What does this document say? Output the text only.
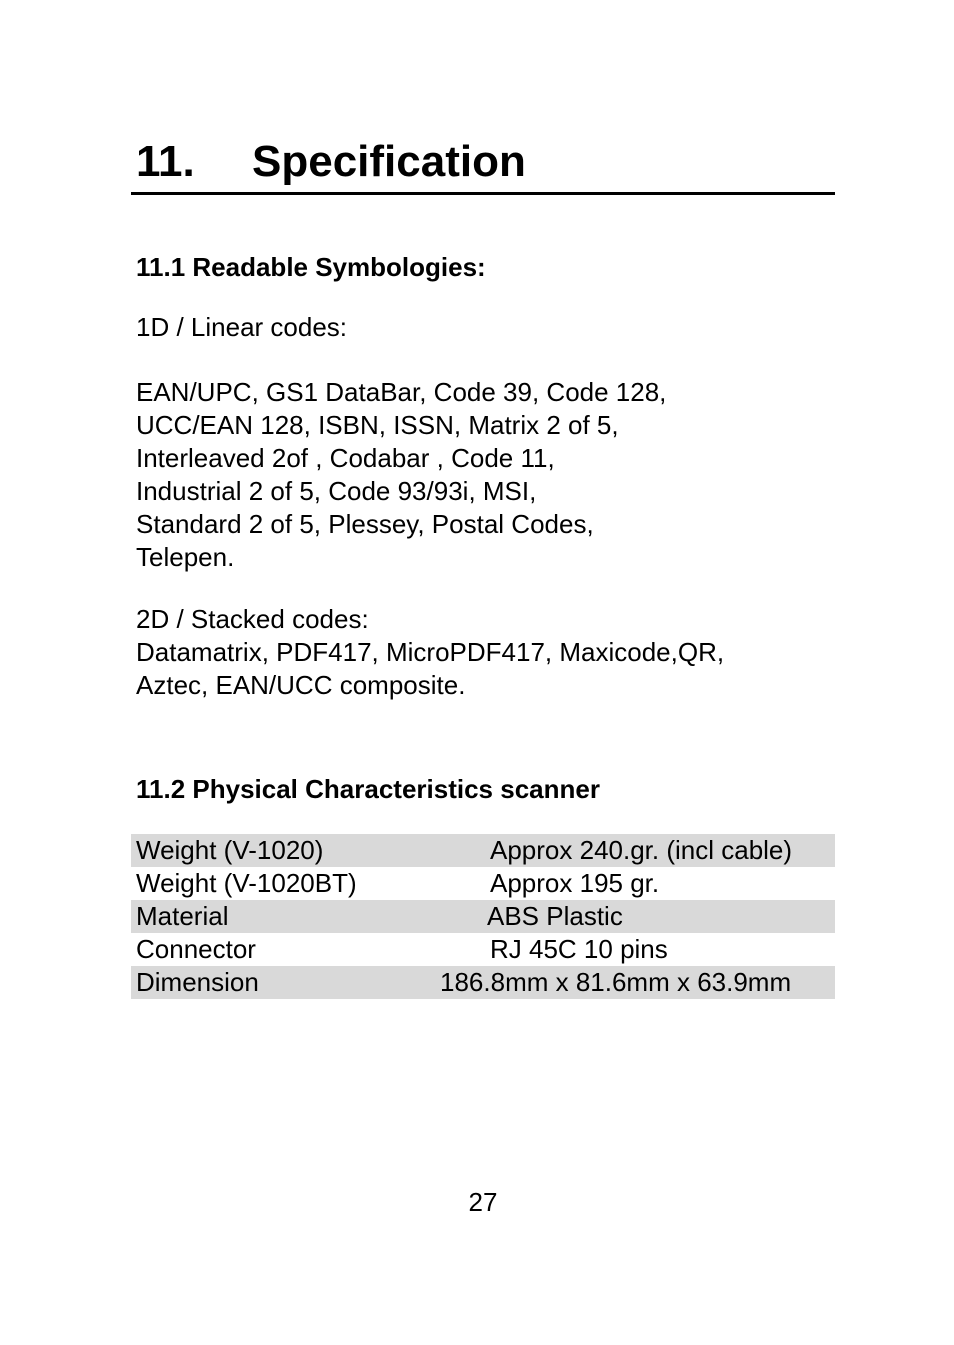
11. Specification
11.1 Readable Symbologies:

1D / Linear codes:

EAN/UPC, GS1 DataBar, Code 39, Code 128,
UCC/EAN 128, ISBN, ISSN, Matrix 2 of 5,
Interleaved 2of , Codabar , Code 11,
Industrial 2 of 5, Code 93/93i, MSI,
Standard 2 of 5, Plessey, Postal Codes,
Telepen.

2D / Stacked codes:
Datamatrix, PDF417, MicroPDF417, Maxicode,QR,
Aztec, EAN/UCC composite.

11.2 Physical Characteristics scanner
Weight (V-1020)	Approx 240.gr. (incl cable)
Weight (V-1020BT)	Approx 195 gr.
Material	ABS Plastic
Connector	RJ 45C 10 pins
Dimension	186.8mm x 81.6mm x 63.9mm
27
